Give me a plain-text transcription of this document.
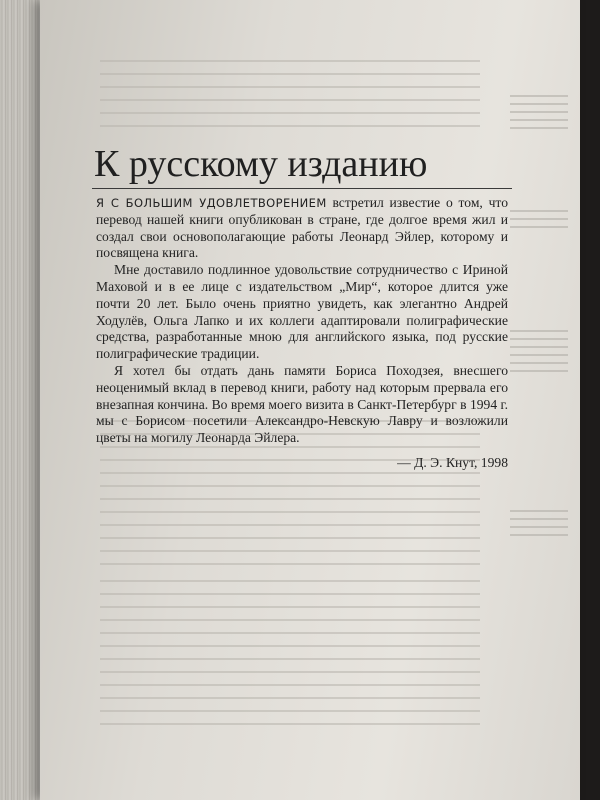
К русскому изданию

Я С БОЛЬШИМ УДОВЛЕТВОРЕНИЕМ встретил известие о том, что перевод нашей книги опубликован в стране, где долгое время жил и создал свои основополагающие работы Леонард Эйлер, которому и посвящена книга.

Мне доставило подлинное удовольствие сотрудничество с Ириной Маховой и в ее лице с издательством „Мир“, которое длится уже почти 20 лет. Было очень приятно увидеть, как элегантно Андрей Ходулёв, Ольга Лапко и их коллеги адаптировали полиграфические средства, разработанные мною для английского языка, под русские полиграфические традиции.

Я хотел бы отдать дань памяти Бориса Походзея, внесшего неоценимый вклад в перевод книги, работу над которым прервала его внезапная кончина. Во время моего визита в Санкт-Петербург в 1994 г. мы с Борисом посетили Александро-Невскую Лавру и возложили цветы на могилу Леонарда Эйлера.

— Д. Э. Кнут, 1998
